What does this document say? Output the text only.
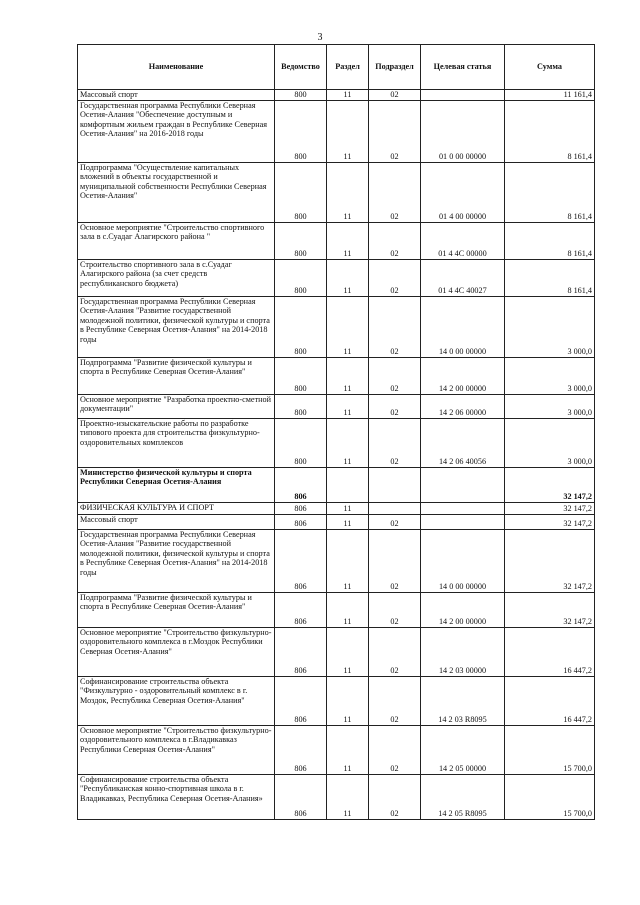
3
Наименование	Ведомство	Раздел	Подраздел	Целевая статья	Сумма
Массовый спорт	800	11	02		11 161,4
Государственная программа Республики Северная Осетия-Алания "Обеспечение доступным и комфортным жильем граждан в Республике Северная Осетия-Алания" на 2016-2018 годы	800	11	02	01 0 00 00000	8 161,4
Подпрограмма "Осуществление капитальных вложений в объекты государственной и муниципальной собственности Республики Северная Осетия-Алания"	800	11	02	01 4 00 00000	8 161,4
Основное мероприятие "Строительство спортивного зала в с.Суадаг Алагирского района "	800	11	02	01 4 4С 00000	8 161,4
Строительство спортивного зала в с.Суадаг Алагирского района (за счет средств республиканского бюджета)	800	11	02	01 4 4С 40027	8 161,4
Государственная программа Республики Северная Осетия-Алания "Развитие государственной молодежной политики, физической культуры и спорта в Республике Северная Осетия-Алания" на 2014-2018 годы	800	11	02	14 0 00 00000	3 000,0
Подпрограмма "Развитие физической культуры и спорта в Республике Северная Осетия-Алания"	800	11	02	14 2 00 00000	3 000,0
Основное мероприятие "Разработка проектно-сметной документации"	800	11	02	14 2 06 00000	3 000,0
Проектно-изыскательские работы по разработке типового проекта для строительства физкультурно-оздоровительных комплексов	800	11	02	14 2 06 40056	3 000,0
Министерство физической культуры и спорта Республики Северная Осетия-Алания	806				32 147,2
ФИЗИЧЕСКАЯ КУЛЬТУРА И СПОРТ	806	11			32 147,2
Массовый спорт	806	11	02		32 147,2
Государственная программа Республики Северная Осетия-Алания "Развитие государственной молодежной политики, физической культуры и спорта в Республике Северная Осетия-Алания" на 2014-2018 годы	806	11	02	14 0 00 00000	32 147,2
Подпрограмма "Развитие физической культуры и спорта в Республике Северная Осетия-Алания"	806	11	02	14 2 00 00000	32 147,2
Основное мероприятие "Строительство физкультурно-оздоровительного комплекса в г.Моздок Республики Северная Осетия-Алания"	806	11	02	14 2 03 00000	16 447,2
Софинансирование строительства объекта "Физкультурно - оздоровительный комплекс в г. Моздок, Республика Северная Осетия-Алания"	806	11	02	14 2 03 R8095	16 447,2
Основное мероприятие "Строительство физкультурно-оздоровительного комплекса в г.Владикавказ Республики Северная Осетия-Алания"	806	11	02	14 2 05 00000	15 700,0
Софинансирование строительства объекта "Республиканская конно-спортивная школа в г. Владикавказ, Республика Северная Осетия-Алания»	806	11	02	14 2 05 R8095	15 700,0
